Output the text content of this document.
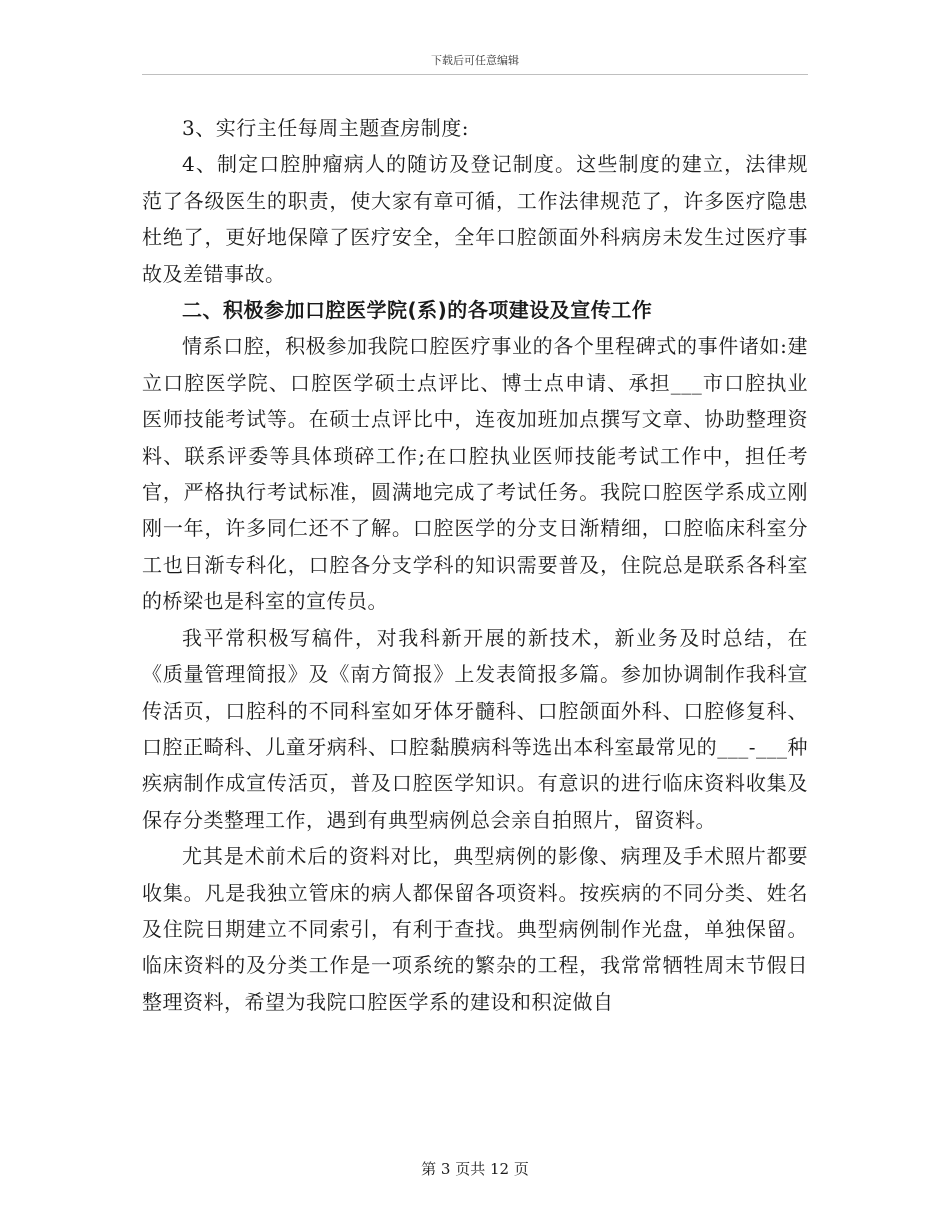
下载后可任意编辑

3、实行主任每周主题查房制度:

4、制定口腔肿瘤病人的随访及登记制度。这些制度的建立，法律规范了各级医生的职责，使大家有章可循，工作法律规范了，许多医疗隐患杜绝了，更好地保障了医疗安全，全年口腔颌面外科病房未发生过医疗事故及差错事故。

二、积极参加口腔医学院(系)的各项建设及宣传工作

情系口腔，积极参加我院口腔医疗事业的各个里程碑式的事件诸如:建立口腔医学院、口腔医学硕士点评比、博士点申请、承担___市口腔执业医师技能考试等。在硕士点评比中，连夜加班加点撰写文章、协助整理资料、联系评委等具体琐碎工作;在口腔执业医师技能考试工作中，担任考官，严格执行考试标准，圆满地完成了考试任务。我院口腔医学系成立刚刚一年，许多同仁还不了解。口腔医学的分支日渐精细，口腔临床科室分工也日渐专科化，口腔各分支学科的知识需要普及，住院总是联系各科室的桥梁也是科室的宣传员。

我平常积极写稿件，对我科新开展的新技术，新业务及时总结，在《质量管理简报》及《南方简报》上发表简报多篇。参加协调制作我科宣传活页，口腔科的不同科室如牙体牙髓科、口腔颌面外科、口腔修复科、口腔正畸科、儿童牙病科、口腔黏膜病科等选出本科室最常见的___-___种疾病制作成宣传活页，普及口腔医学知识。有意识的进行临床资料收集及保存分类整理工作，遇到有典型病例总会亲自拍照片，留资料。

尤其是术前术后的资料对比，典型病例的影像、病理及手术照片都要收集。凡是我独立管床的病人都保留各项资料。按疾病的不同分类、姓名及住院日期建立不同索引，有利于查找。典型病例制作光盘，单独保留。临床资料的及分类工作是一项系统的繁杂的工程，我常常牺牲周末节假日整理资料，希望为我院口腔医学系的建设和积淀做自

第 3 页共 12 页
